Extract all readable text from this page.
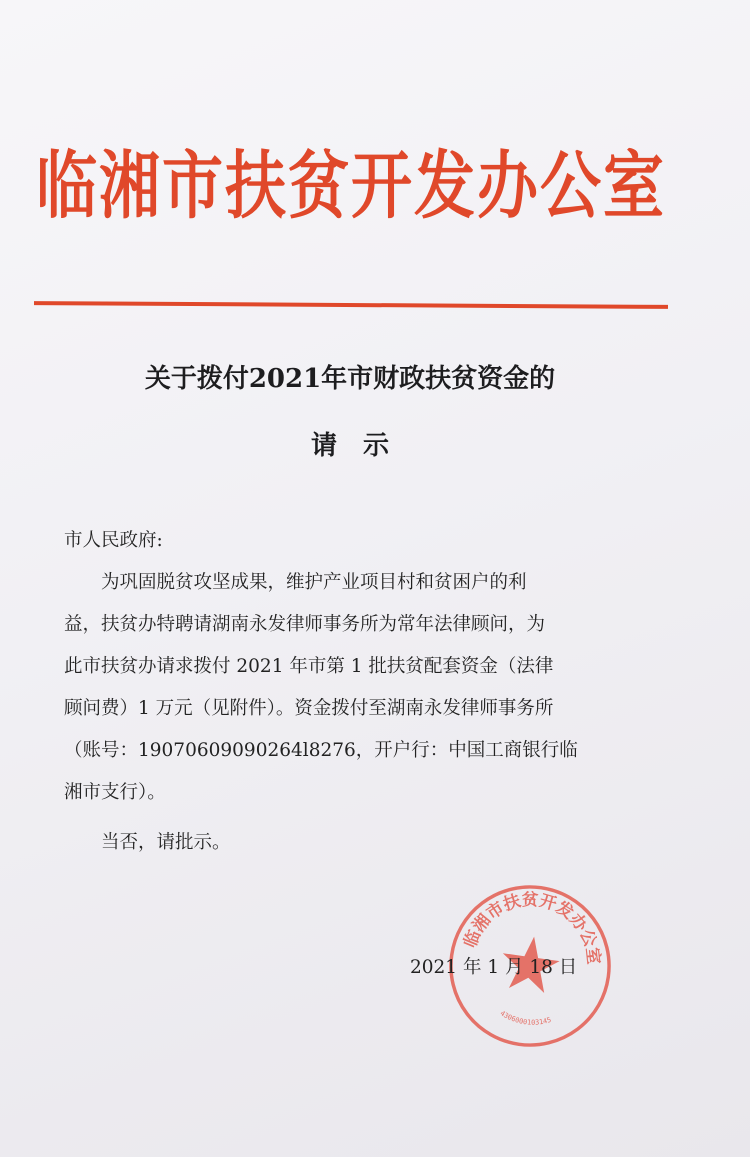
临湘市扶贫开发办公室
关于拨付2021年市财政扶贫资金的
请　示

市人民政府:

为巩固脱贫攻坚成果，维护产业项目村和贫困户的利
益，扶贫办特聘请湖南永发律师事务所为常年法律顾问，为
此市扶贫办请求拨付 2021 年市第 1 批扶贫配套资金（法律
顾问费）1 万元（见附件）。资金拨付至湖南永发律师事务所
（账号：19070609090264l8276，开户行：中国工商银行临
湘市支行）。

当否，请批示。

临湘市扶贫开发办公室
4306000103145
2021 年 1 月 18 日
